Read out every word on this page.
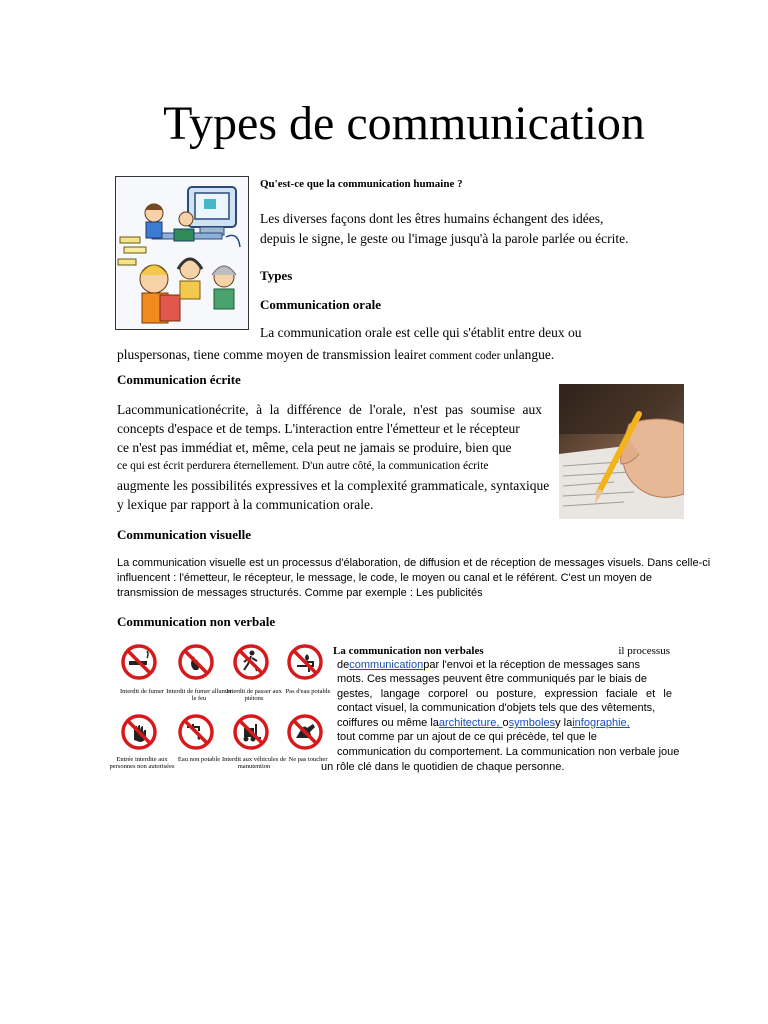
Types de communication
Qu'est-ce que la communication humaine ?
Les diverses façons dont les êtres humains échangent des idées,
depuis le signe, le geste ou l'image jusqu'à la parole parlée ou écrite.
Types
Communication orale
La communication orale est celle qui s'établit entre deux ou
pluspersonas, tiene comme moyen de transmission leairet comment coder unlangue.
Communication écrite
Lacommunicationécrite, à la différence de l'orale, n'est pas soumise aux
concepts d'espace et de temps. L'interaction entre l'émetteur et le récepteur
ce n'est pas immédiat et, même, cela peut ne jamais se produire, bien que
ce qui est écrit perdurera éternellement. D'un autre côté, la communication écrite
augmente les possibilités expressives et la complexité grammaticale, syntaxique
y lexique par rapport à la communication orale.
Communication visuelle
La communication visuelle est un processus d'élaboration, de diffusion et de réception de messages visuels. Dans celle-ci
influencent : l'émetteur, le récepteur, le message, le code, le moyen ou canal et le référent. C'est un moyen de
transmission de messages structurés. Comme par exemple : Les publicités
Communication non verbale
Interdit de fumer Interdit de fumer allumer le feu
Interdit de passer aux piétons
Pas d'eau potable
Entrée interdite aux personnes non autorisées
Eau non potable Interdit aux véhicules de manutention
Ne pas toucher
La communication non verbales	il processus
decommunicationpar l'envoi et la réception de messages sans
mots. Ces messages peuvent être communiqués par le biais de
gestes, langage corporel ou posture, expression faciale et le
contact visuel, la communication d'objets tels que des vêtements,
coiffures ou même laarchitecture, osymbolesy lainfographie,
tout comme par un ajout de ce qui précède, tel que le
communication du comportement. La communication non verbale joue
un rôle clé dans le quotidien de chaque personne.
